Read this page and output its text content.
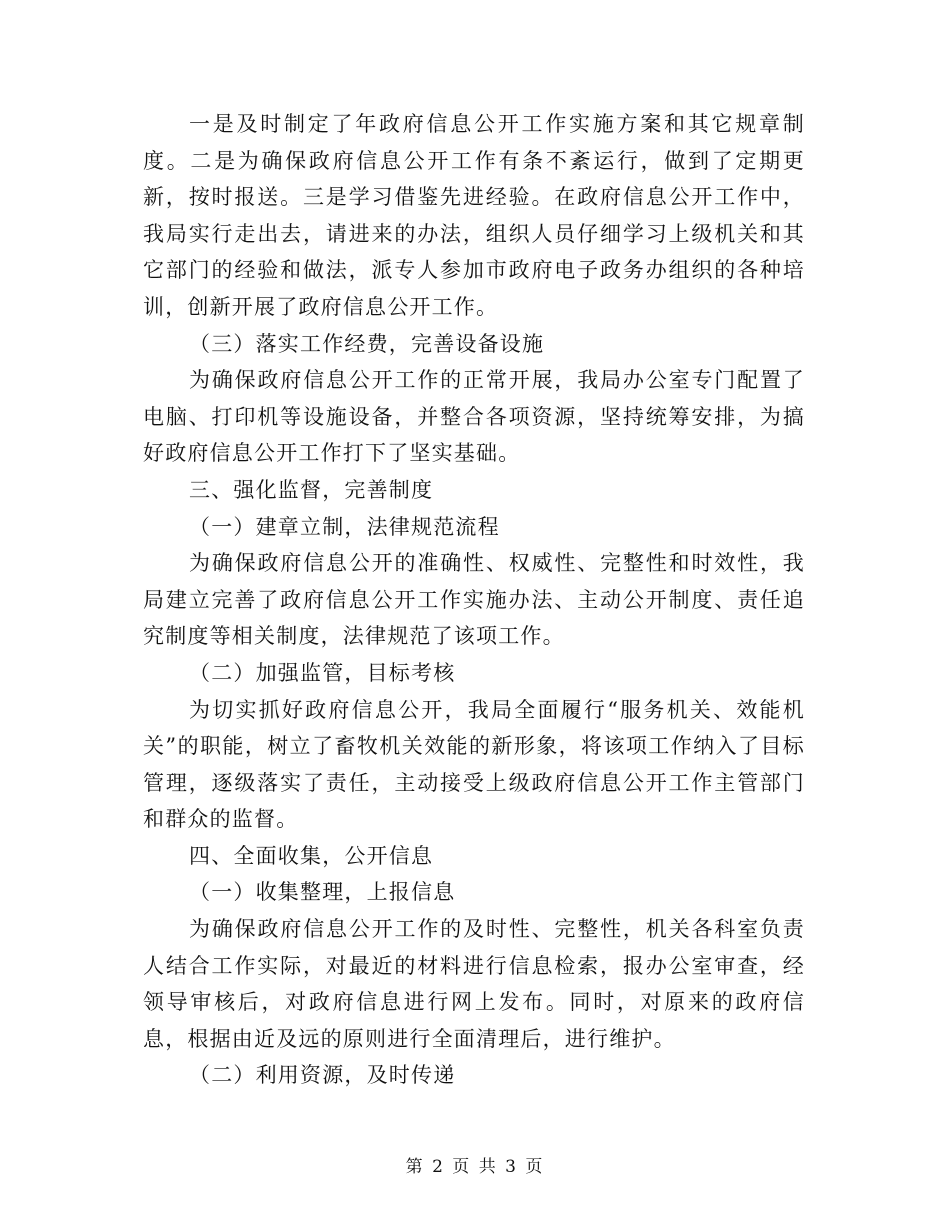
一是及时制定了年政府信息公开工作实施方案和其它规章制度。二是为确保政府信息公开工作有条不紊运行，做到了定期更新，按时报送。三是学习借鉴先进经验。在政府信息公开工作中，我局实行走出去，请进来的办法，组织人员仔细学习上级机关和其它部门的经验和做法，派专人参加市政府电子政务办组织的各种培训，创新开展了政府信息公开工作。

（三）落实工作经费，完善设备设施

为确保政府信息公开工作的正常开展，我局办公室专门配置了电脑、打印机等设施设备，并整合各项资源，坚持统筹安排，为搞好政府信息公开工作打下了坚实基础。

三、强化监督，完善制度

（一）建章立制，法律规范流程

为确保政府信息公开的准确性、权威性、完整性和时效性，我局建立完善了政府信息公开工作实施办法、主动公开制度、责任追究制度等相关制度，法律规范了该项工作。

（二）加强监管，目标考核

为切实抓好政府信息公开，我局全面履行“服务机关、效能机关”的职能，树立了畜牧机关效能的新形象，将该项工作纳入了目标管理，逐级落实了责任，主动接受上级政府信息公开工作主管部门和群众的监督。

四、全面收集，公开信息

（一）收集整理，上报信息

为确保政府信息公开工作的及时性、完整性，机关各科室负责人结合工作实际，对最近的材料进行信息检索，报办公室审查，经领导审核后，对政府信息进行网上发布。同时，对原来的政府信息，根据由近及远的原则进行全面清理后，进行维护。

（二）利用资源，及时传递

第 2 页 共 3 页
